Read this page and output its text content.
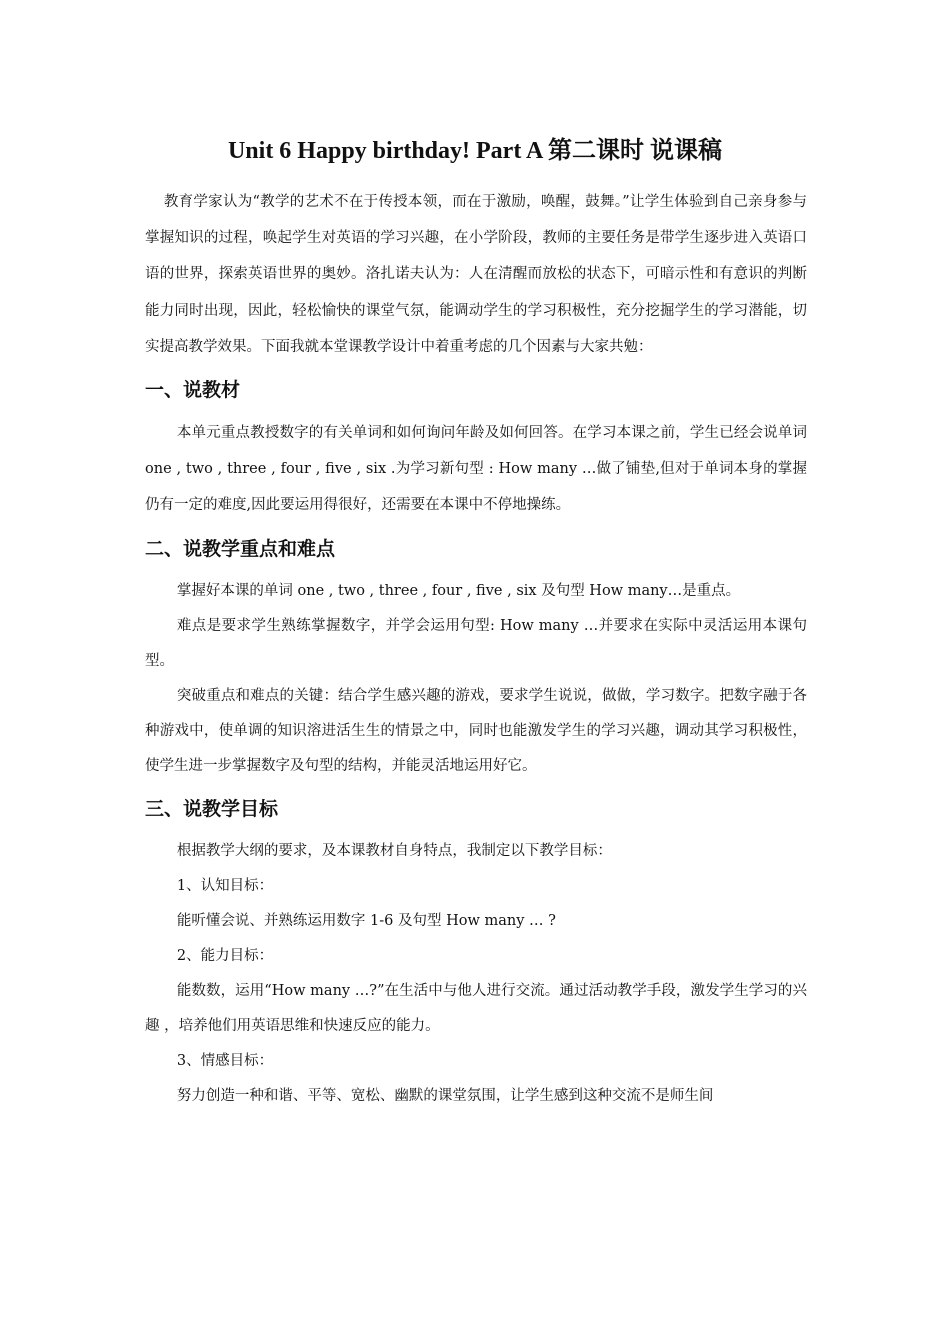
Unit 6 Happy birthday! Part A 第二课时 说课稿

教育学家认为“教学的艺术不在于传授本领，而在于激励，唤醒，鼓舞。”让学生体验到自己亲身参与掌握知识的过程，唤起学生对英语的学习兴趣，在小学阶段，教师的主要任务是带学生逐步进入英语口语的世界，探索英语世界的奥妙。洛扎诺夫认为：人在清醒而放松的状态下，可暗示性和有意识的判断能力同时出现，因此，轻松愉快的课堂气氛，能调动学生的学习积极性，充分挖掘学生的学习潜能，切实提高教学效果。下面我就本堂课教学设计中着重考虑的几个因素与大家共勉：

一、说教材

本单元重点教授数字的有关单词和如何询问年龄及如何回答。在学习本课之前，学生已经会说单词 one , two , three , four , five , six .为学习新句型 : How many …做了铺垫,但对于单词本身的掌握仍有一定的难度,因此要运用得很好，还需要在本课中不停地操练。

二、说教学重点和难点

掌握好本课的单词 one , two , three , four , five , six 及句型 How many…是重点。

难点是要求学生熟练掌握数字，并学会运用句型: How many …并要求在实际中灵活运用本课句型。

突破重点和难点的关键：结合学生感兴趣的游戏，要求学生说说，做做，学习数字。把数字融于各种游戏中，使单调的知识溶进活生生的情景之中，同时也能激发学生的学习兴趣，调动其学习积极性，使学生进一步掌握数字及句型的结构，并能灵活地运用好它。

三、说教学目标

根据教学大纲的要求，及本课教材自身特点，我制定以下教学目标：

1、认知目标：

能听懂会说、并熟练运用数字 1-6 及句型 How many … ?

2、能力目标：

能数数，运用“How many …?”在生活中与他人进行交流。通过活动教学手段，激发学生学习的兴趣 ，培养他们用英语思维和快速反应的能力。

3、情感目标：

努力创造一种和谐、平等、宽松、幽默的课堂氛围，让学生感到这种交流不是师生间
